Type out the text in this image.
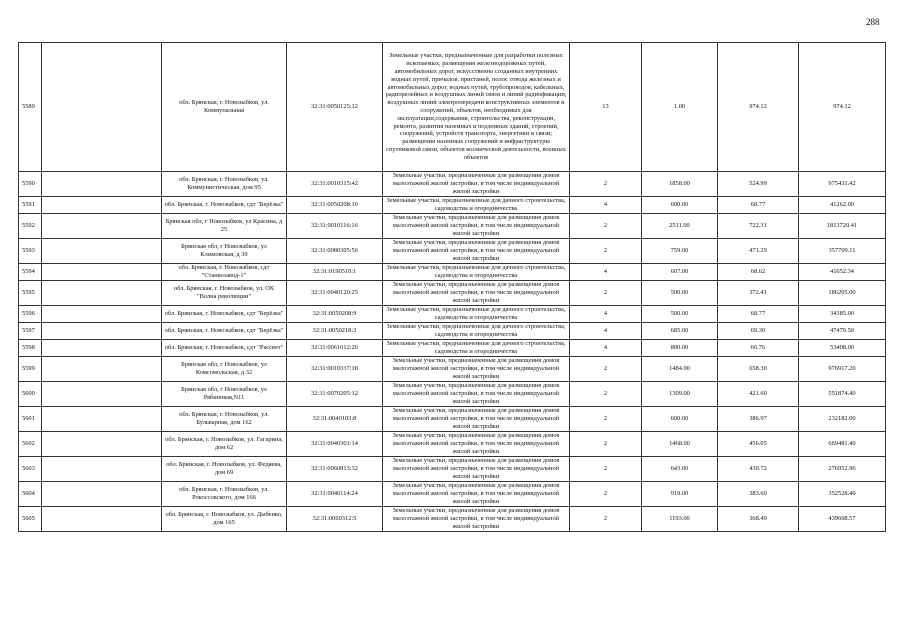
288
5589		обл. Брянская, г. Новозыбков, ул. Коммунальная	32:31:0050125:12	Земельные участки, предназначенные для разработки полезных ископаемых, размещения железнодорожных путей, автомобильных дорог, искусственно созданных внутренних водных путей, причалов, пристаней, полос отвода железных и автомобильных дорог, водных путей, трубопроводов, кабельных, радиорелейных и воздушных линий связи и линий радиофикации, воздушных линий электропередачи конструктивных элементов и сооружений, объектов, необходимых для эксплуатации,содержания, строительства, реконструкции, ремонта, развития наземных и подземных зданий, строений, сооружений, устройств транспорта, энергетики и связи; размещения наземных сооружений и инфраструктуры спутниковой связи, объектов космической деятельности, военных объектов	13	1.00	974.12	974.12
5590		обл. Брянская, г. Новозыбков, ул. Коммунистическая, дом 95	32:31:0010315:42	Земельные участки, предназначенные для размещения домов малоэтажной жилой застройки, в том числе индивидуальной жилой застройки	2	1858.00	524.99	975431.42
5591		обл. Брянская, г. Новозыбков, сдт "Берёзка"	32:31:0050208:10	Земельные участки, предназначенные для дачного строительства, садоводства и огородничества	4	600.00	68.77	41262.00
5592		Брянская обл, г Новозыбков, ул Красина, д 25	32:31:0010116:16	Земельные участки, предназначенные для размещения домов малоэтажной жилой застройки, в том числе индивидуальной жилой застройки	2	2511.00	722.31	1813720.41
5593		Брянская обл, г Новозыбков, ул Климовская, д 39	32:31:0080305:56	Земельные участки, предназначенные для размещения домов малоэтажной жилой застройки, в том числе индивидуальной жилой застройки	2	759.00	471.29	357709.11
5594		обл. Брянская, г. Новозыбков, сдт "Станкозавод-1"	32:31:0190510:1	Земельные участки, предназначенные для дачного строительства, садоводства и огородничества	4	607.00	68.62	41652.34
5595		обл. Брянская, г. Новозыбков, ул. ОХ "Волна революции"	32:31:0040120:25	Земельные участки, предназначенные для размещения домов малоэтажной жилой застройки, в том числе индивидуальной жилой застройки	2	500.00	372.41	186205.00
5596		обл. Брянская, г. Новозыбков, сдт "Берёзка"	32:31:0050208:9	Земельные участки, предназначенные для дачного строительства, садоводства и огородничества	4	500.00	68.77	34385.00
5597		обл. Брянская, г. Новозыбков, сдт "Берёзка"	32:31:0050218:3	Земельные участки, предназначенные для дачного строительства, садоводства и огородничества	4	685.00	69.30	47470.50
5598		обл. Брянская, г. Новозыбков, сдт "Рассвет"	32:31:0061012:26	Земельные участки, предназначенные для дачного строительства, садоводства и огородничества	4	800.00	66.76	53408.00
5599		Брянская обл, г Новозыбков, ул Комсомольская, д 32	32:31:0010337:18	Земельные участки, предназначенные для размещения домов малоэтажной жилой застройки, в том числе индивидуальной жилой застройки	2	1484.00	658.30	976917.20
5600		Брянская обл, г Новозыбков, ул Рябиновая,N11	32:31:0070205:12	Земельные участки, предназначенные для размещения домов малоэтажной жилой застройки, в том числе индивидуальной жилой застройки	2	1309.00	421.60	551874.40
5601		обл. Брянская, г. Новозыбков, ул. Бульварная, дом 162	32:31:0040103:8	Земельные участки, предназначенные для размещения домов малоэтажной жилой застройки, в том числе индивидуальной жилой застройки	2	600.00	386.97	232182.00
5602		обл. Брянская, г. Новозыбков, ул. Гагарина, дом 62	32:31:0040301:14	Земельные участки, предназначенные для размещения домов малоэтажной жилой застройки, в том числе индивидуальной жилой застройки	2	1468.00	456.05	669481.40
5603		обл. Брянская, г. Новозыбков, ул. Федяева, дом 69	32:31:0060813:32	Земельные участки, предназначенные для размещения домов малоэтажной жилой застройки, в том числе индивидуальной жилой застройки	2	643.00	430.72	276952.96
5604		обл. Брянская, г. Новозыбков, ул. Рокоссовского, дом 166	32:31:0040114:24	Земельные участки, предназначенные для размещения домов малоэтажной жилой застройки, в том числе индивидуальной жилой застройки	2	919.00	383.60	352528.40
5605		обл. Брянская, г. Новозыбков, ул. Дыбенко, дом 165	32:31:0060312:5	Земельные участки, предназначенные для размещения домов малоэтажной жилой застройки, в том числе индивидуальной жилой застройки	2	1193.00	368.49	439608.57
